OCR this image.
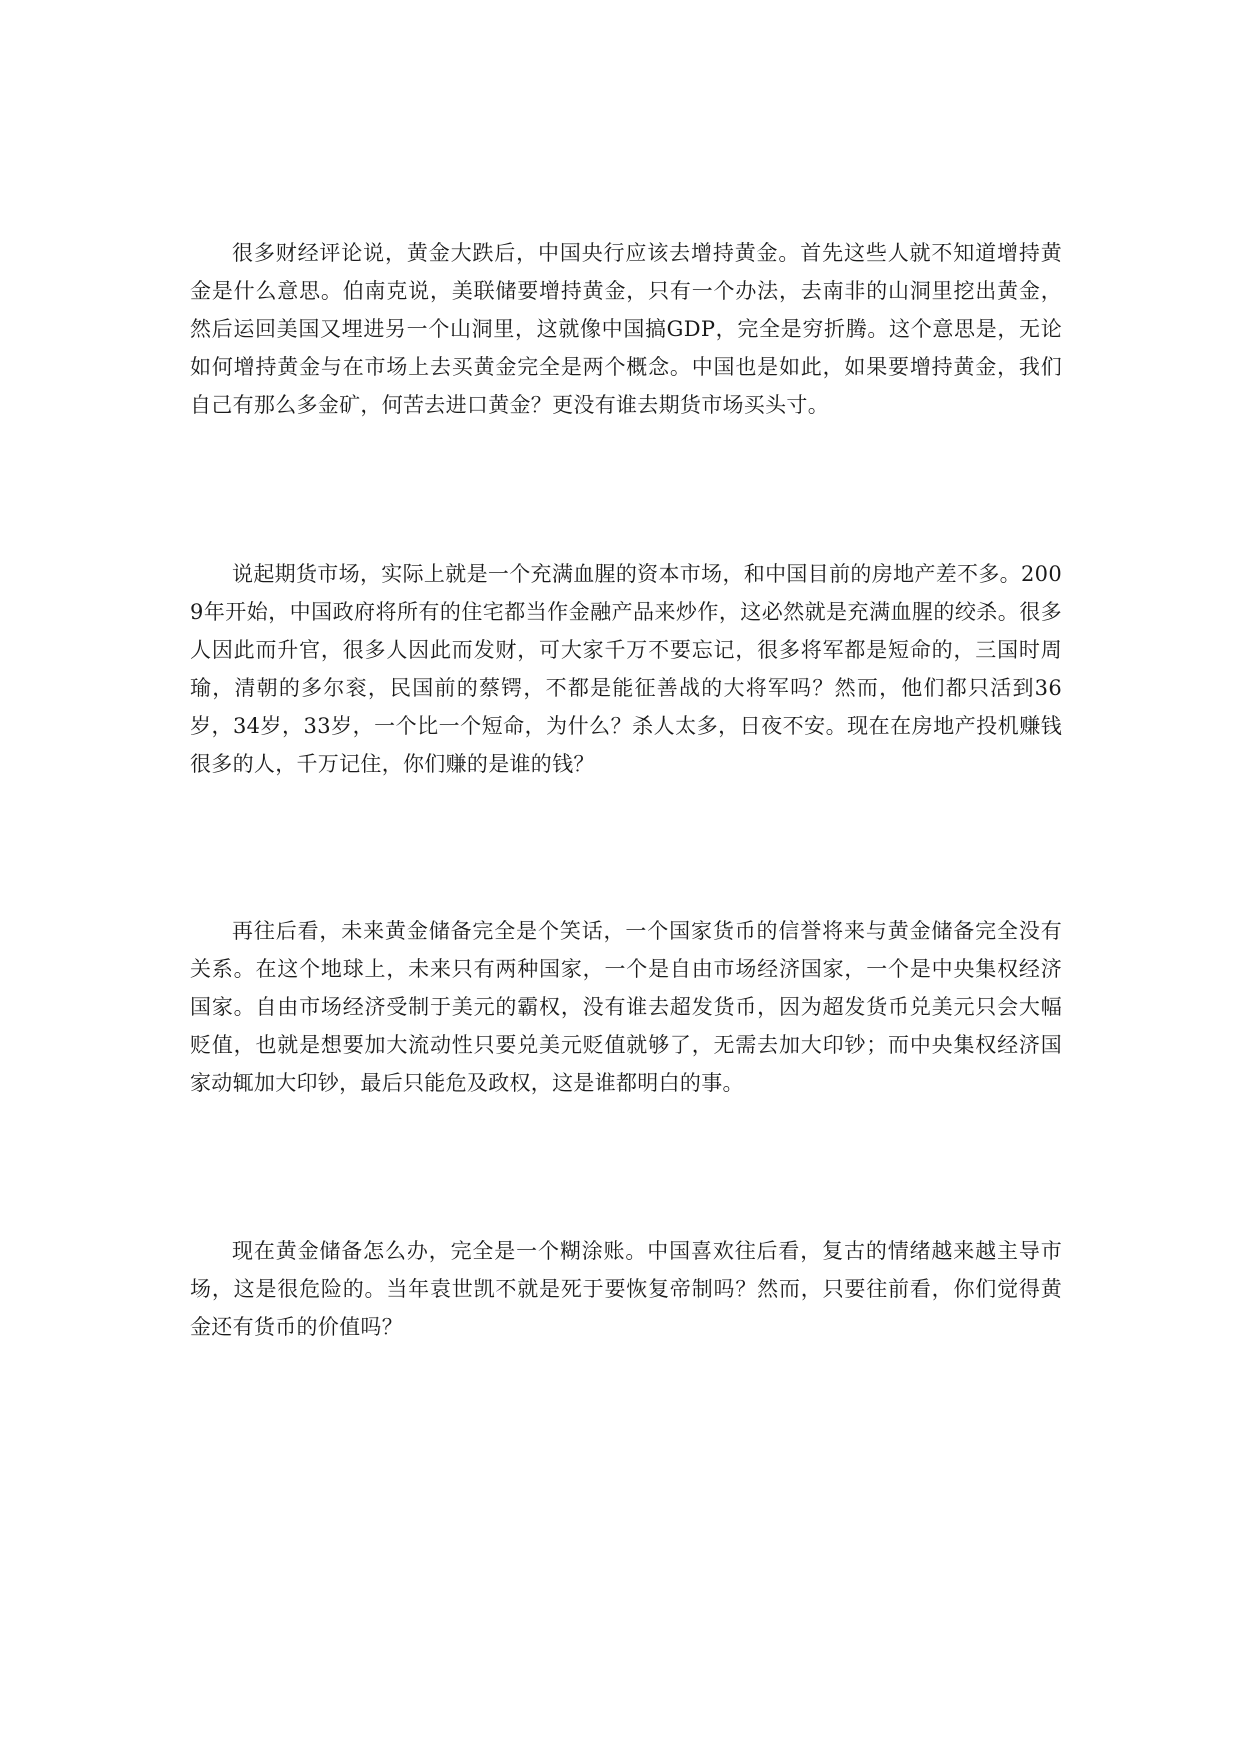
很多财经评论说，黄金大跌后，中国央行应该去增持黄金。首先这些人就不知道增持黄金是什么意思。伯南克说，美联储要增持黄金，只有一个办法，去南非的山洞里挖出黄金，然后运回美国又埋进另一个山洞里，这就像中国搞GDP，完全是穷折腾。这个意思是，无论如何增持黄金与在市场上去买黄金完全是两个概念。中国也是如此，如果要增持黄金，我们自己有那么多金矿，何苦去进口黄金？更没有谁去期货市场买头寸。

说起期货市场，实际上就是一个充满血腥的资本市场，和中国目前的房地产差不多。2009年开始，中国政府将所有的住宅都当作金融产品来炒作，这必然就是充满血腥的绞杀。很多人因此而升官，很多人因此而发财，可大家千万不要忘记，很多将军都是短命的，三国时周瑜，清朝的多尔衮，民国前的蔡锷，不都是能征善战的大将军吗？然而，他们都只活到36岁，34岁，33岁，一个比一个短命，为什么？杀人太多，日夜不安。现在在房地产投机赚钱很多的人，千万记住，你们赚的是谁的钱？

再往后看，未来黄金储备完全是个笑话，一个国家货币的信誉将来与黄金储备完全没有关系。在这个地球上，未来只有两种国家，一个是自由市场经济国家，一个是中央集权经济国家。自由市场经济受制于美元的霸权，没有谁去超发货币，因为超发货币兑美元只会大幅贬值，也就是想要加大流动性只要兑美元贬值就够了，无需去加大印钞；而中央集权经济国家动辄加大印钞，最后只能危及政权，这是谁都明白的事。

现在黄金储备怎么办，完全是一个糊涂账。中国喜欢往后看，复古的情绪越来越主导市场，这是很危险的。当年袁世凯不就是死于要恢复帝制吗？然而，只要往前看，你们觉得黄金还有货币的价值吗？
